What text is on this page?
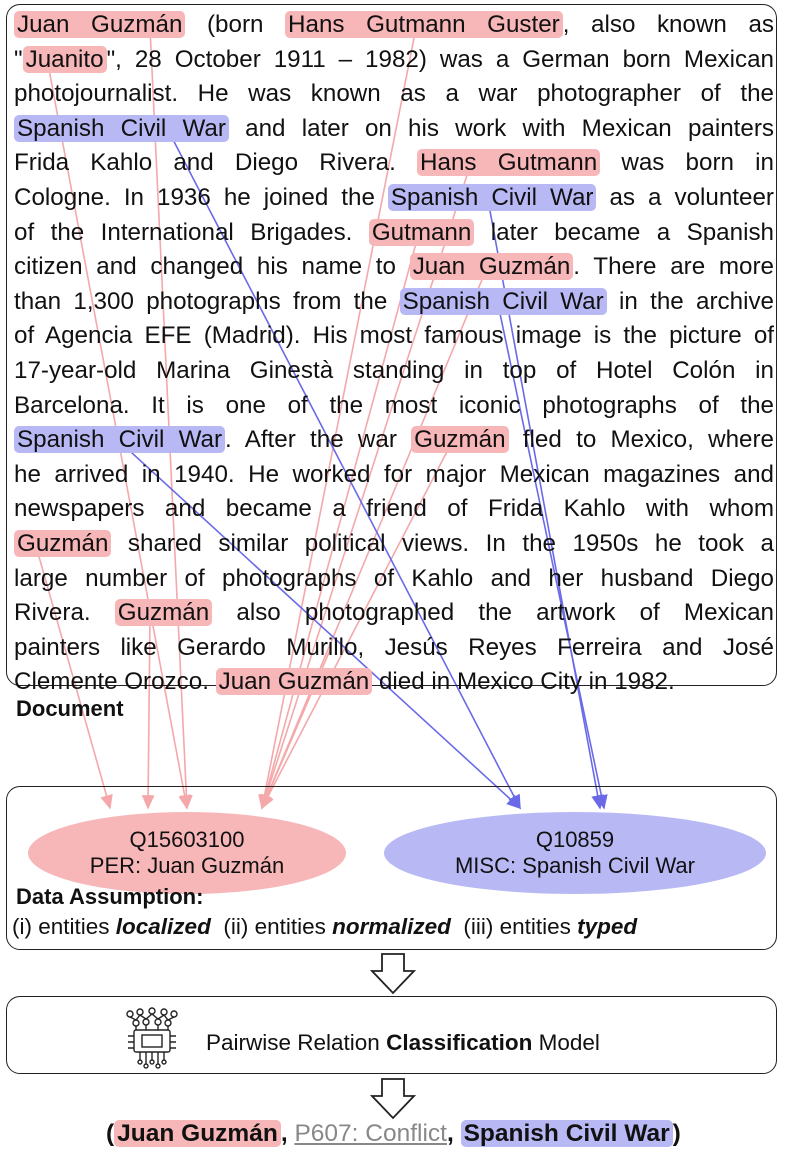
Juan Guzmán (born Hans Gutmann Guster , also known as
" Juanito ", 28 October 1911 – 1982) was a German born Mexican
photojournalist. He was known as a war photographer of the
Spanish Civil War and later on his work with Mexican painters
Frida Kahlo and Diego Rivera. Hans Gutmann was born in
Cologne. In 1936 he joined the Spanish Civil War as a volunteer
of the International Brigades. Gutmann later became a Spanish
citizen and changed his name to Juan Guzmán . There are more
than 1,300 photographs from the Spanish Civil War in the archive
of Agencia EFE (Madrid). His most famous image is the picture of
17-year-old Marina Ginestà standing in top of Hotel Colón in
Barcelona. It is one of the most iconic photographs of the
Spanish Civil War . After the war Guzmán fled to Mexico, where
he arrived in 1940. He worked for major Mexican magazines and
newspapers and became a friend of Frida Kahlo with whom
Guzmán shared similar political views. In the 1950s he took a
large number of photographs of Kahlo and her husband Diego
Rivera. Guzmán also photographed the artwork of Mexican
painters like Gerardo Murillo, Jesús Reyes Ferreira and José
Clemente Orozco. Juan Guzmán died in Mexico City in 1982.
Document
Q15603100
PER: Juan Guzmán
Q10859
MISC: Spanish Civil War
Data Assumption:
(i) entities localized  (ii) entities normalized  (iii) entities typed
Pairwise Relation Classification Model
( Juan Guzmán , P607: Conflict, Spanish Civil War )
